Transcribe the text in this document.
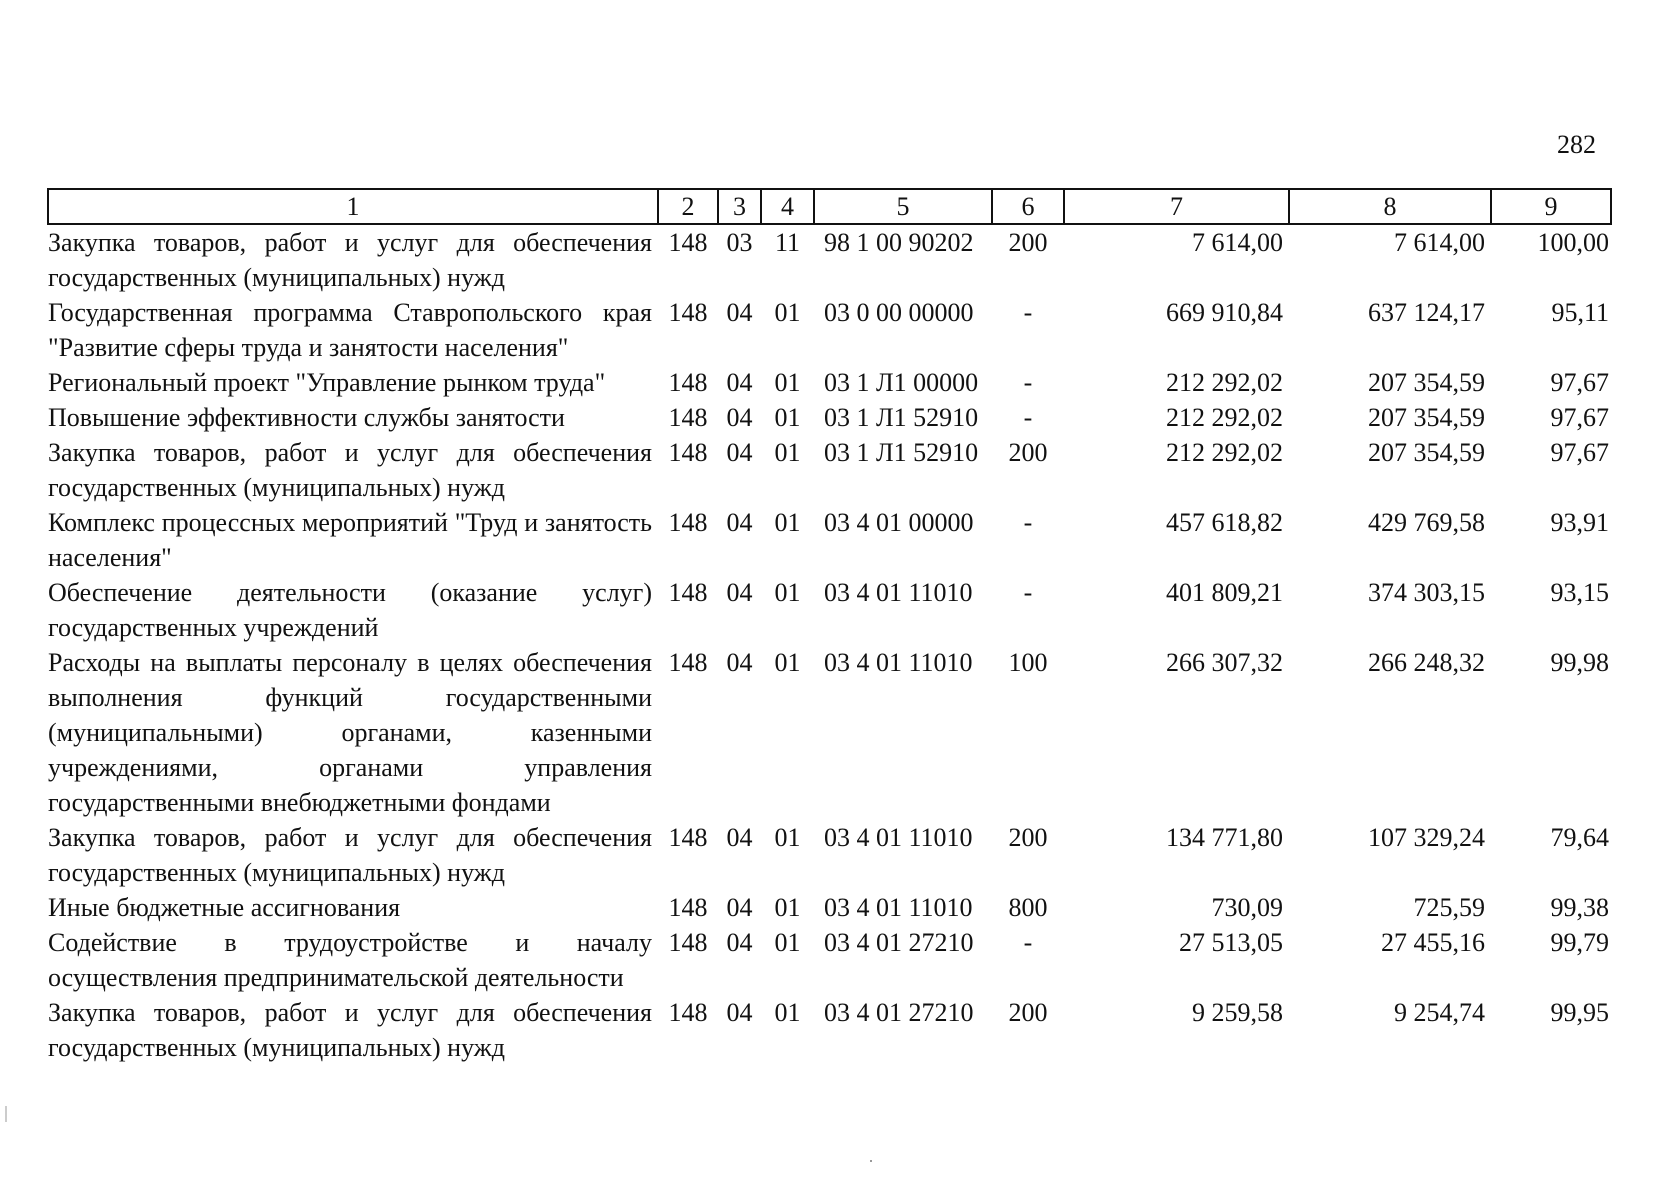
282
1	2	3	4	5	6	7	8	9
Закупка товаров, работ и услуг для обеспечения государственных (муниципальных) нужд	148	03	11	98 1 00 90202	200	7 614,00	7 614,00	100,00
Государственная программа Ставропольского края "Развитие сферы труда и занятости населения"	148	04	01	03 0 00 00000	-	669 910,84	637 124,17	95,11
Региональный проект "Управление рынком труда"	148	04	01	03 1 Л1 00000	-	212 292,02	207 354,59	97,67
Повышение эффективности службы занятости	148	04	01	03 1 Л1 52910	-	212 292,02	207 354,59	97,67
Закупка товаров, работ и услуг для обеспечения государственных (муниципальных) нужд	148	04	01	03 1 Л1 52910	200	212 292,02	207 354,59	97,67
Комплекс процессных мероприятий "Труд и занятость населения"	148	04	01	03 4 01 00000	-	457 618,82	429 769,58	93,91
Обеспечение деятельности (оказание услуг) государственных учреждений	148	04	01	03 4 01 11010	-	401 809,21	374 303,15	93,15
Расходы на выплаты персоналу в целях обеспечения выполнения функций государственными (муниципальными) органами, казенными учреждениями, органами управления государственными внебюджетными фондами	148	04	01	03 4 01 11010	100	266 307,32	266 248,32	99,98
Закупка товаров, работ и услуг для обеспечения государственных (муниципальных) нужд	148	04	01	03 4 01 11010	200	134 771,80	107 329,24	79,64
Иные бюджетные ассигнования	148	04	01	03 4 01 11010	800	730,09	725,59	99,38
Содействие в трудоустройстве и началу осуществления предпринимательской деятельности	148	04	01	03 4 01 27210	-	27 513,05	27 455,16	99,79
Закупка товаров, работ и услуг для обеспечения государственных (муниципальных) нужд	148	04	01	03 4 01 27210	200	9 259,58	9 254,74	99,95
